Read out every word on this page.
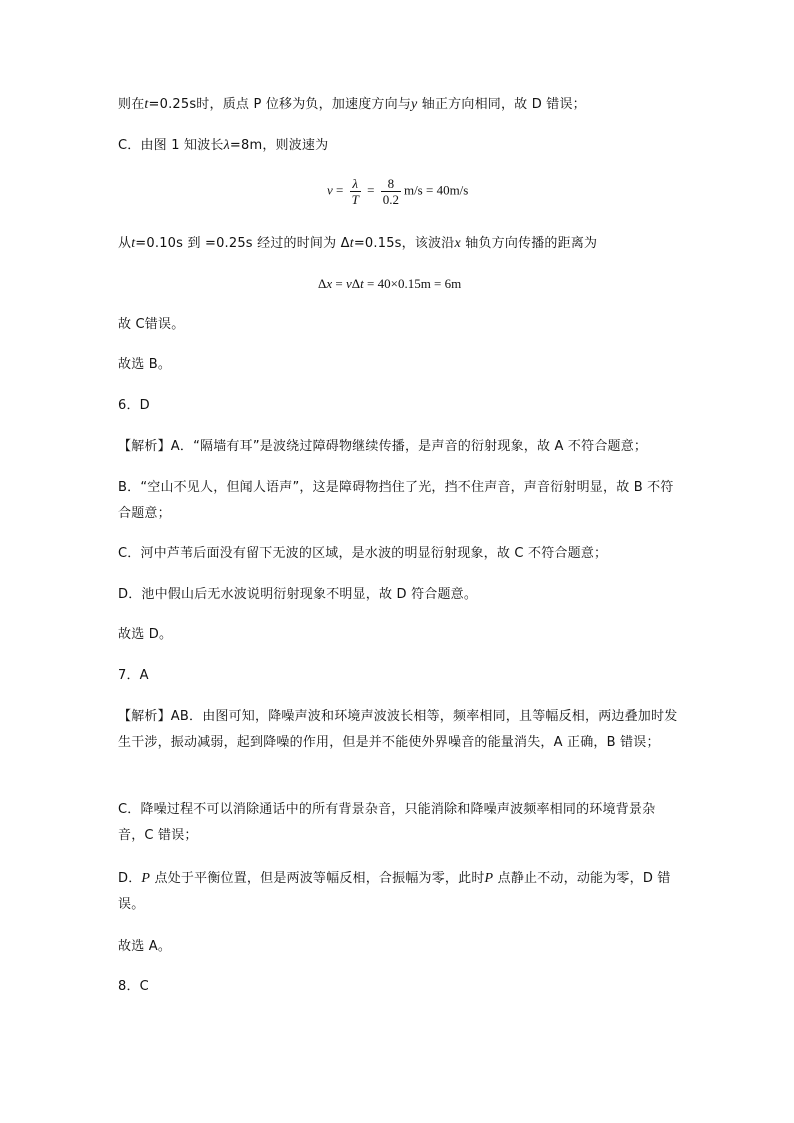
则在t=0.25s时，质点 P 位移为负，加速度方向与y 轴正方向相同，故 D 错误；
C．由图 1 知波长λ=8m，则波速为
$v = \frac{\lambda}{T} = \frac{8}{0.2} m/s = 40m/s$
从t=0.10s 到 =0.25s 经过的时间为 Δt=0.15s，该波沿x 轴负方向传播的距离为
Δx = vΔt = 40×0.15m = 6m
故 C错误。
故选 B。
6．D
【解析】A．“隔墙有耳”是波绕过障碍物继续传播，是声音的衍射现象，故 A 不符合题意；
B．“空山不见人，但闻人语声”，这是障碍物挡住了光，挡不住声音，声音衍射明显，故 B 不符合题意；
C．河中芦苇后面没有留下无波的区域，是水波的明显衍射现象，故 C 不符合题意；
D．池中假山后无水波说明衍射现象不明显，故 D 符合题意。
故选 D。
7．A
【解析】AB．由图可知，降噪声波和环境声波波长相等，频率相同，且等幅反相，两边叠加时发生干涉，振动减弱，起到降噪的作用，但是并不能使外界噪音的能量消失，A 正确，B 错误；
C．降噪过程不可以消除通话中的所有背景杂音，只能消除和降噪声波频率相同的环境背景杂音，C 错误；
D．P 点处于平衡位置，但是两波等幅反相，合振幅为零，此时P 点静止不动，动能为零，D 错误。
故选 A。
8．C
